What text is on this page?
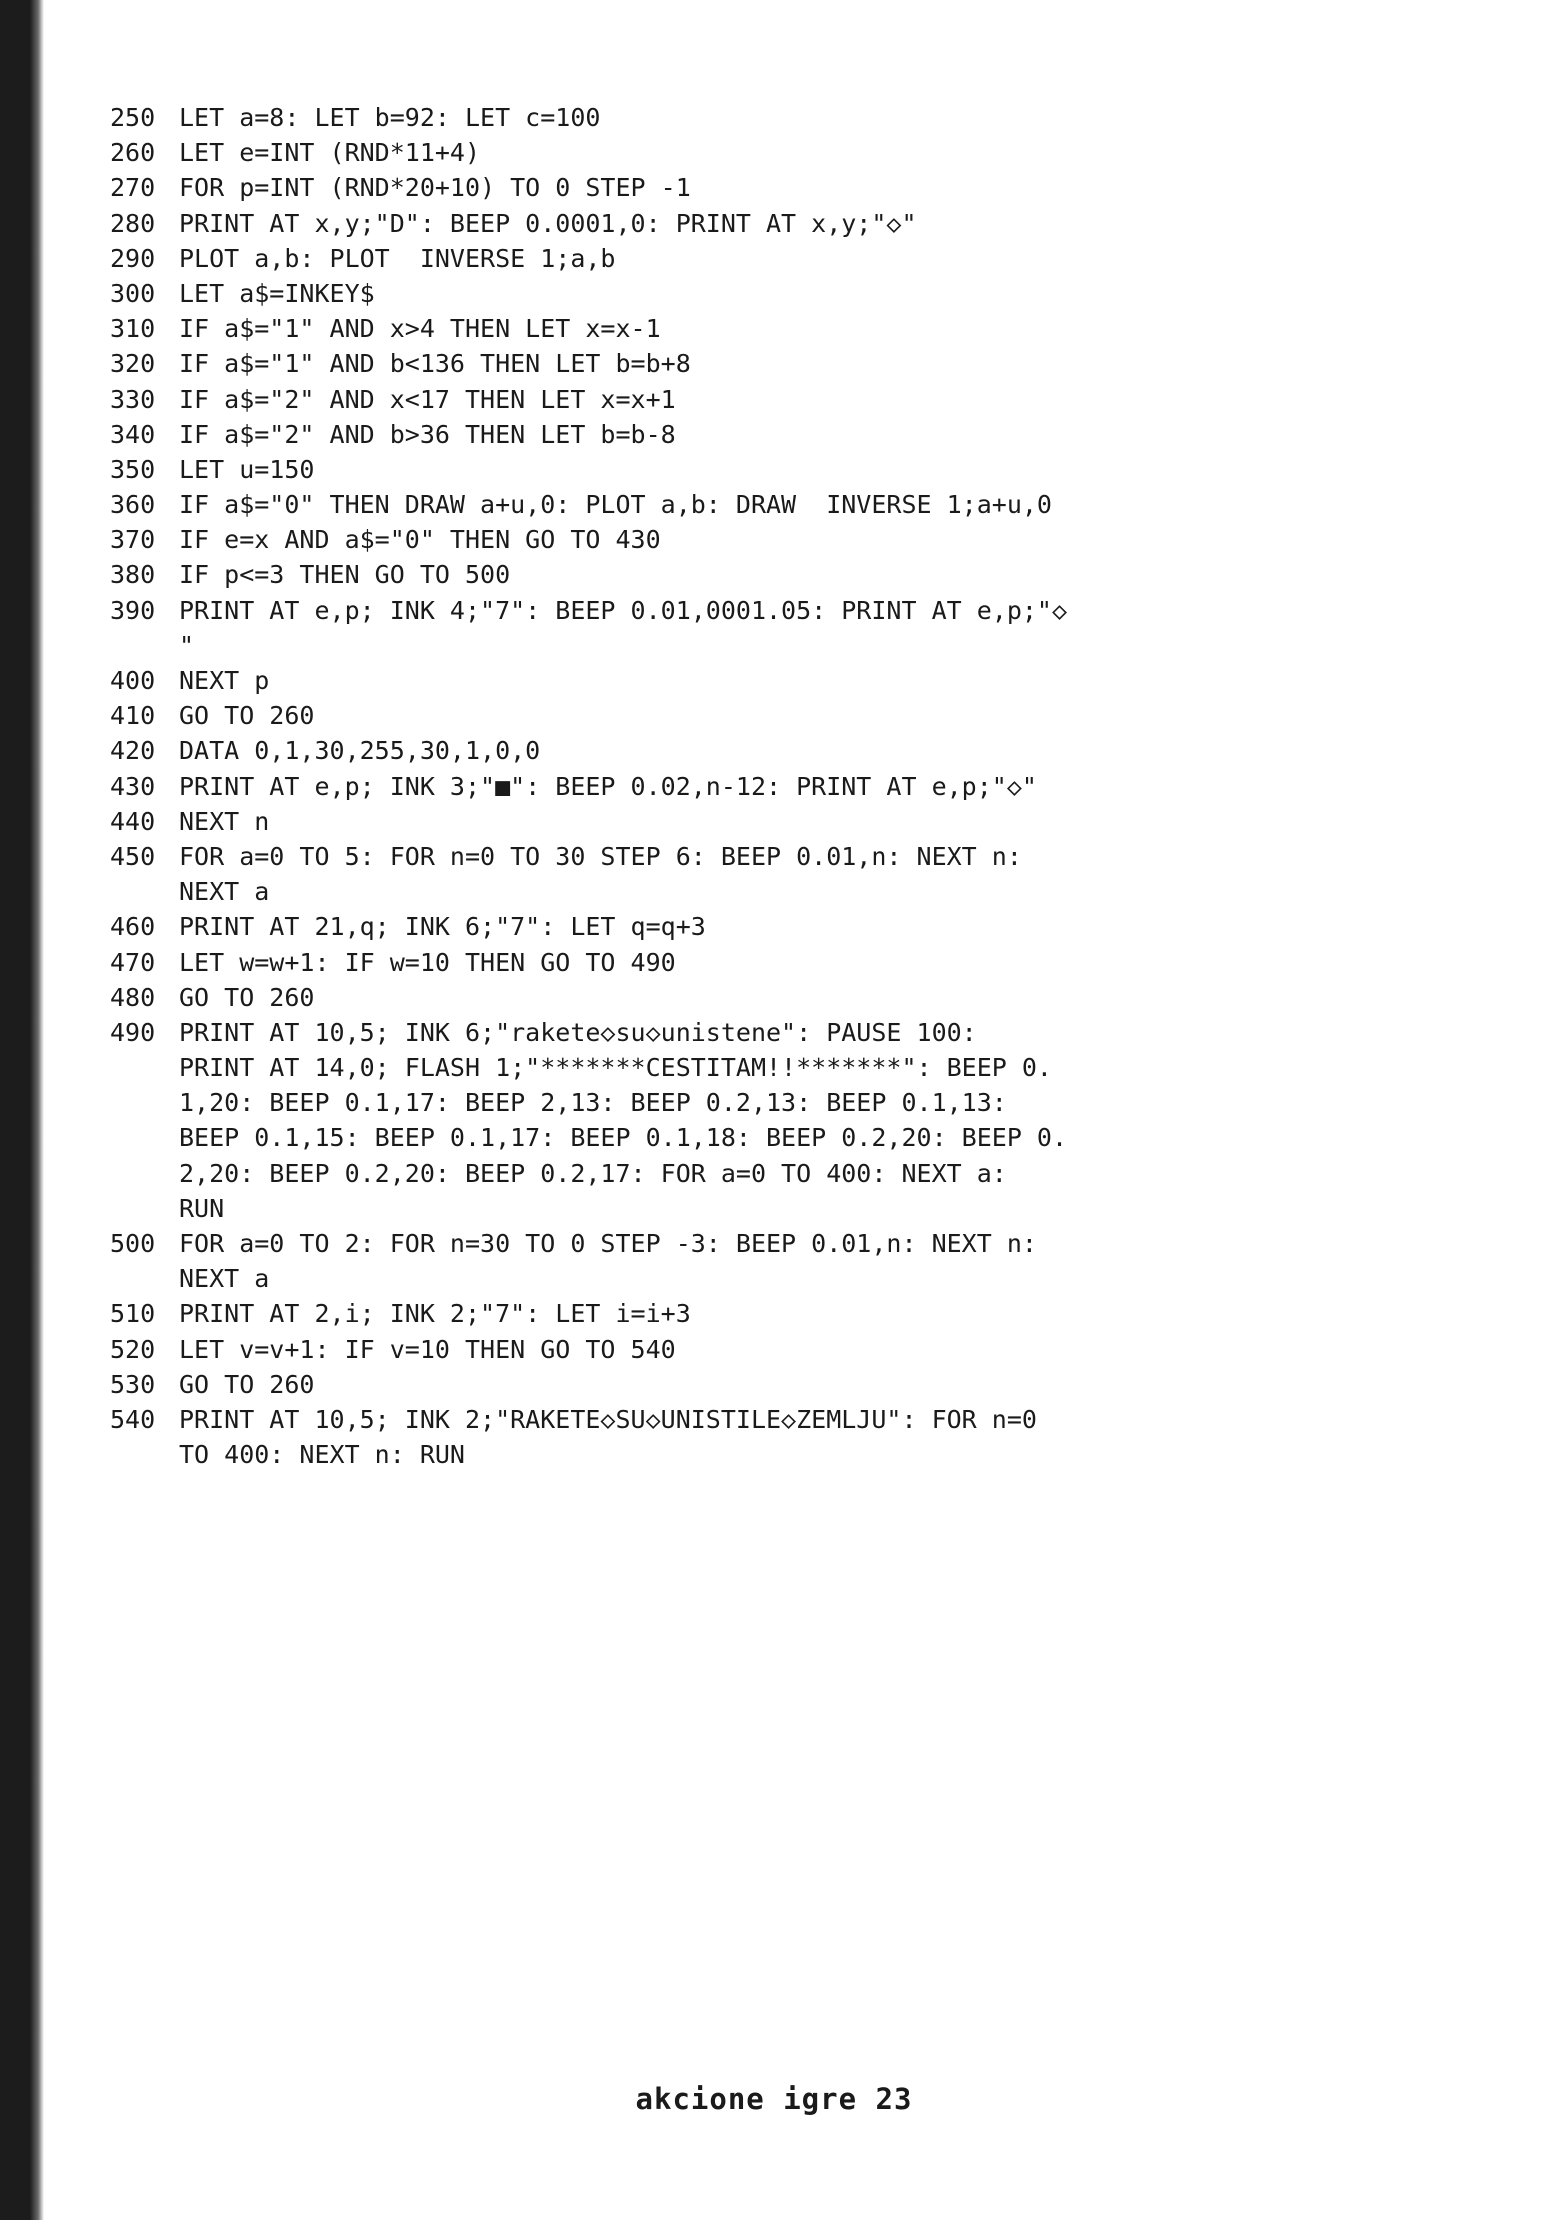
250 LET a=8: LET b=92: LET c=100
260 LET e=INT (RND*11+4)
270 FOR p=INT (RND*20+10) TO 0 STEP -1
280 PRINT AT x,y;"D": BEEP 0.0001,0: PRINT AT x,y;"◇"
290 PLOT a,b: PLOT  INVERSE 1;a,b
300 LET a$=INKEY$
310 IF a$="1" AND x>4 THEN LET x=x-1
320 IF a$="1" AND b<136 THEN LET b=b+8
330 IF a$="2" AND x<17 THEN LET x=x+1
340 IF a$="2" AND b>36 THEN LET b=b-8
350 LET u=150
360 IF a$="0" THEN DRAW a+u,0: PLOT a,b: DRAW  INVERSE 1;a+u,0
370 IF e=x AND a$="0" THEN GO TO 430
380 IF p<=3 THEN GO TO 500
390 PRINT AT e,p; INK 4;"7": BEEP 0.01,0001.05: PRINT AT e,p;"◇
"
400 NEXT p
410 GO TO 260
420 DATA 0,1,30,255,30,1,0,0
430 PRINT AT e,p; INK 3;"■": BEEP 0.02,n-12: PRINT AT e,p;"◇"
440 NEXT n
450 FOR a=0 TO 5: FOR n=0 TO 30 STEP 6: BEEP 0.01,n: NEXT n:
NEXT a
460 PRINT AT 21,q; INK 6;"7": LET q=q+3
470 LET w=w+1: IF w=10 THEN GO TO 490
480 GO TO 260
490 PRINT AT 10,5; INK 6;"rakete◇su◇unistene": PAUSE 100:
PRINT AT 14,0; FLASH 1;"*******CESTITAM!!*******": BEEP 0.
1,20: BEEP 0.1,17: BEEP 2,13: BEEP 0.2,13: BEEP 0.1,13:
BEEP 0.1,15: BEEP 0.1,17: BEEP 0.1,18: BEEP 0.2,20: BEEP 0.
2,20: BEEP 0.2,20: BEEP 0.2,17: FOR a=0 TO 400: NEXT a:
RUN
500 FOR a=0 TO 2: FOR n=30 TO 0 STEP -3: BEEP 0.01,n: NEXT n:
NEXT a
510 PRINT AT 2,i; INK 2;"7": LET i=i+3
520 LET v=v+1: IF v=10 THEN GO TO 540
530 GO TO 260
540 PRINT AT 10,5; INK 2;"RAKETE◇SU◇UNISTILE◇ZEMLJU": FOR n=0
TO 400: NEXT n: RUN
akcione igre 23
